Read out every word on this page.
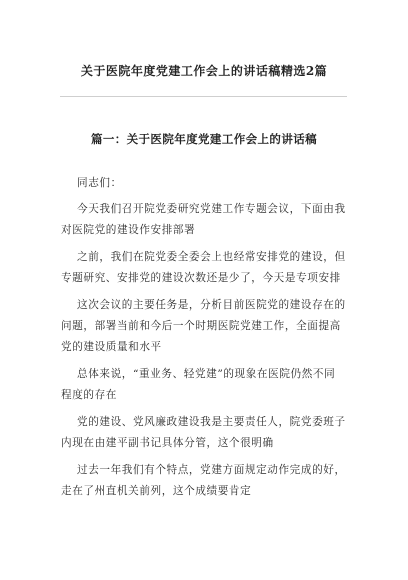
关于医院年度党建工作会上的讲话稿精选2篇
篇一：关于医院年度党建工作会上的讲话稿
同志们：
今天我们召开院党委研究党建工作专题会议，下面由我
对医院党的建设作安排部署
之前，我们在院党委全委会上也经常安排党的建设，但
专题研究、安排党的建设次数还是少了，今天是专项安排
这次会议的主要任务是，分析目前医院党的建设存在的
问题，部署当前和今后一个时期医院党建工作，全面提高
党的建设质量和水平
总体来说，“重业务、轻党建”的现象在医院仍然不同
程度的存在
党的建设、党风廉政建设我是主要责任人，院党委班子
内现在由建平副书记具体分管，这个很明确
过去一年我们有个特点，党建方面规定动作完成的好，
走在了州直机关前列，这个成绩要肯定
